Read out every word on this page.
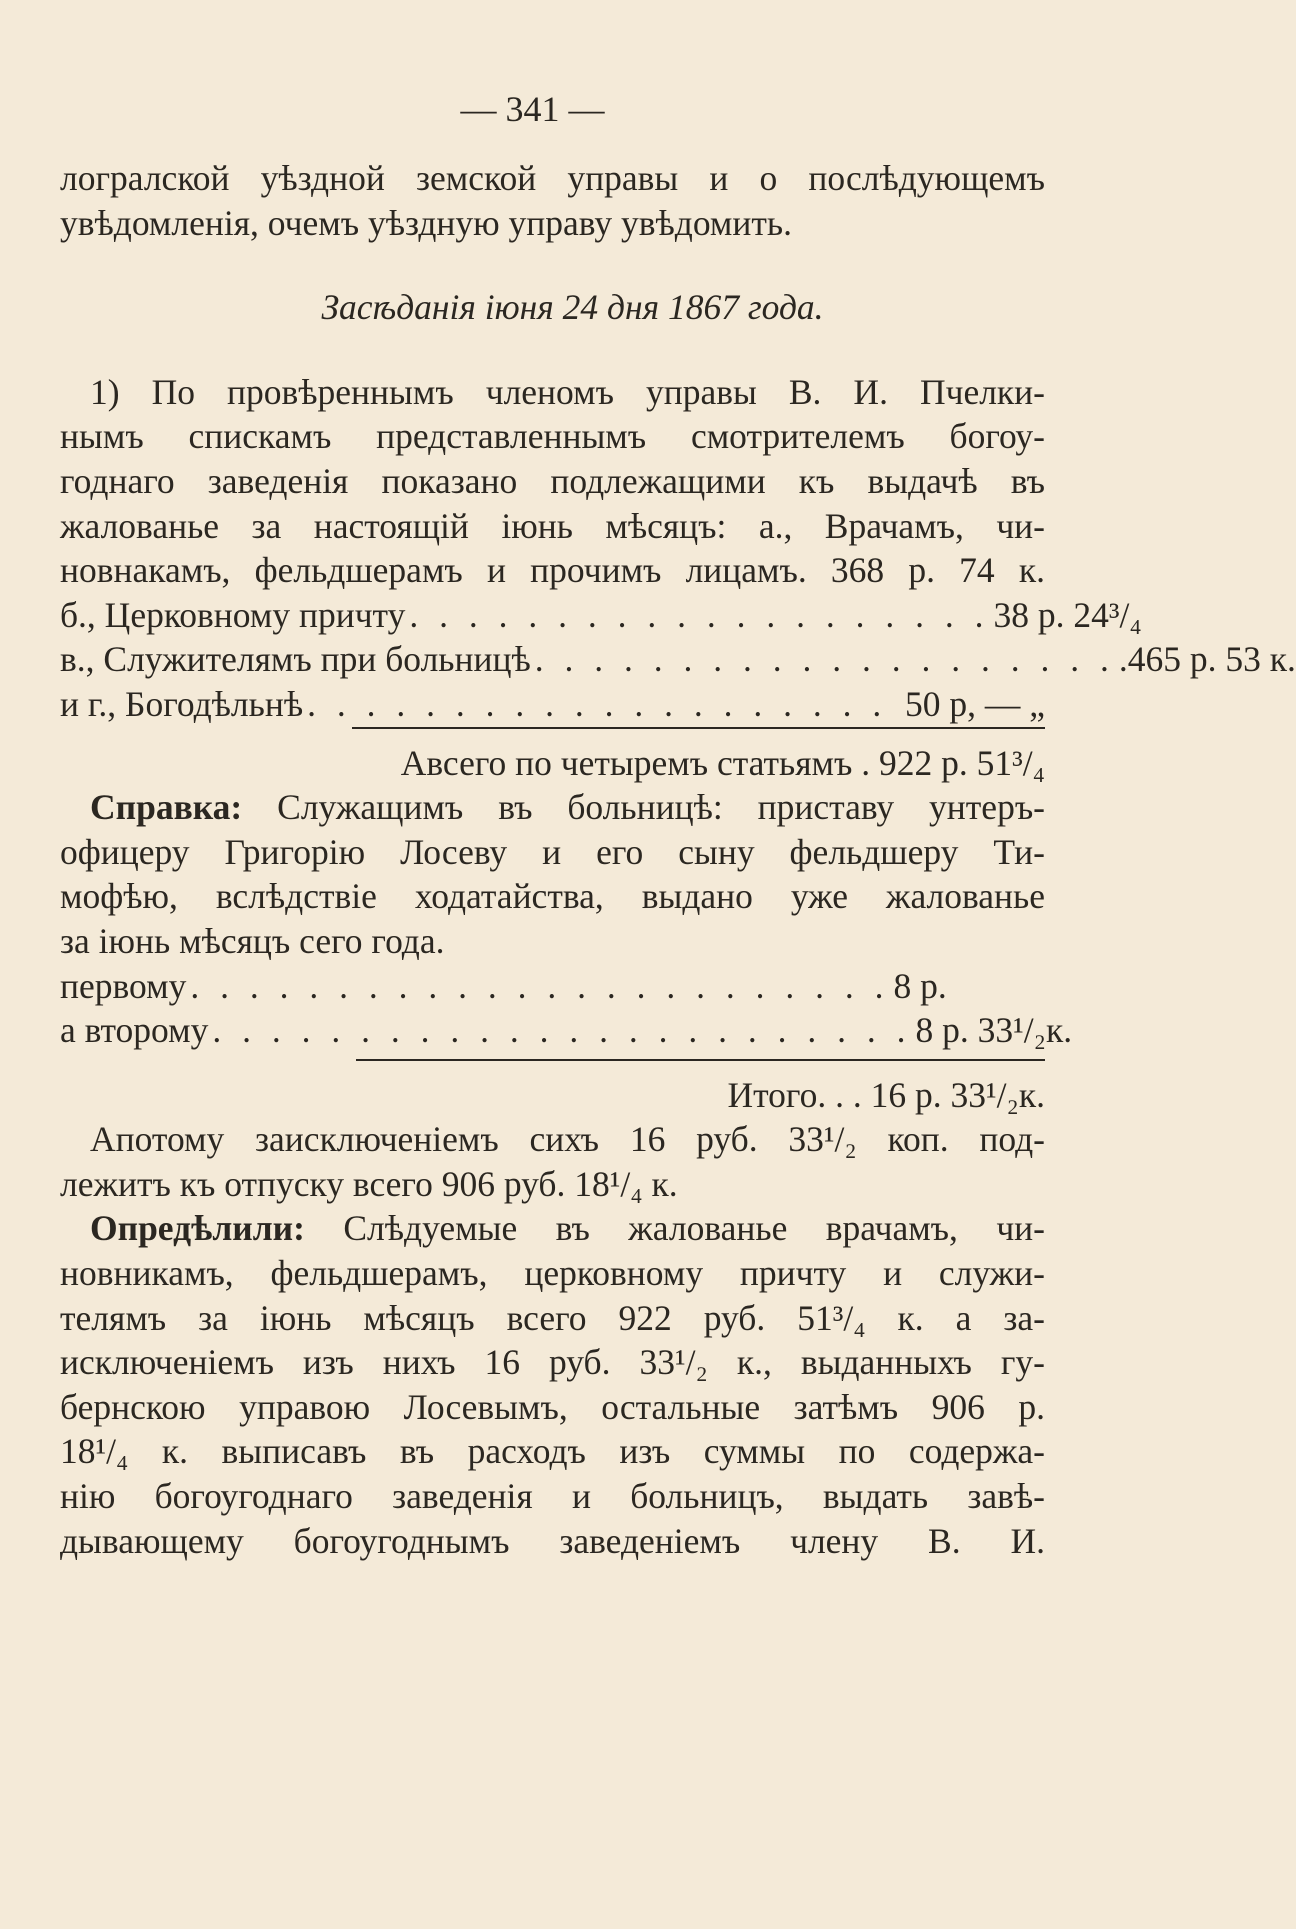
— 341 —
логралской уѣздной земской управы и о послѣдующемъ
увѣдомленія, очемъ уѣздную управу увѣдомить.
Засѣданія іюня 24 дня 1867 года.
1) По провѣреннымъ членомъ управы В. И. Пчелки-
нымъ спискамъ представленнымъ смотрителемъ богоу-
годнаго заведенія показано подлежащими къ выдачѣ въ
жалованье за настоящій іюнь мѣсяцъ: а., Врачамъ, чи-
новнакамъ, фельдшерамъ и прочимъ лицамъ. 368 р. 74 к.
б., Церковному причту . . . . . . . . . . . . . . . . . . . . 38 р. 24³/₄
в., Служителямъ при больницѣ . . . . . . . . . . . . . . . . . . . . .465 р. 53 к.
и г., Богодѣльнѣ . . . . . . . . . . . . . . . . . . . . 50 р, — „
Авсего по четыремъ статьямъ . 922 р. 51³/₄
Справка: Служащимъ въ больницѣ: приставу унтеръ-
офицеру Григорію Лосеву и его сыну фельдшеру Ти-
мофѣю, вслѣдствіе ходатайства, выдано уже жалованье
за іюнь мѣсяцъ сего года.
первому . . . . . . . . . . . . . . . . . . . . . . . . 8 р.
а второму . . . . . . . . . . . . . . . . . . . . . . . . 8 р. 33¹/₂к.
Итого. . . 16 р. 33¹/₂к.
Апотому заисключеніемъ сихъ 16 руб. 33¹/₂ коп. под-
лежитъ къ отпуску всего 906 руб. 18¹/₄ к.
Опредѣлили: Слѣдуемые въ жалованье врачамъ, чи-
новникамъ, фельдшерамъ, церковному причту и служи-
телямъ за іюнь мѣсяцъ всего 922 руб. 51³/₄ к. а за-
исключеніемъ изъ нихъ 16 руб. 33¹/₂ к., выданныхъ гу-
бернскою управою Лосевымъ, остальные затѣмъ 906 р.
18¹/₄ к. выписавъ въ расходъ изъ суммы по содержа-
нію богоугоднаго заведенія и больницъ, выдать завѣ-
дывающему богоугоднымъ заведеніемъ члену В. И.
